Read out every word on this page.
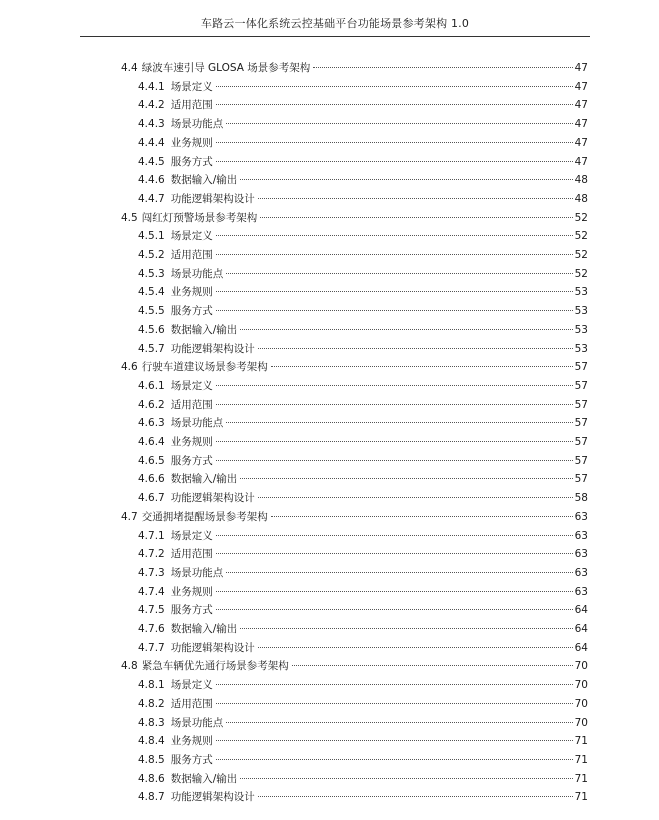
车路云一体化系统云控基础平台功能场景参考架构 1.0
4.4 绿波车速引导 GLOSA 场景参考架构	47
4.4.1 场景定义	47
4.4.2 适用范围	47
4.4.3 场景功能点	47
4.4.4 业务规则	47
4.4.5 服务方式	47
4.4.6 数据输入/输出	48
4.4.7 功能逻辑架构设计	48
4.5 闯红灯预警场景参考架构	52
4.5.1 场景定义	52
4.5.2 适用范围	52
4.5.3 场景功能点	52
4.5.4 业务规则	53
4.5.5 服务方式	53
4.5.6 数据输入/输出	53
4.5.7 功能逻辑架构设计	53
4.6 行驶车道建议场景参考架构	57
4.6.1 场景定义	57
4.6.2 适用范围	57
4.6.3 场景功能点	57
4.6.4 业务规则	57
4.6.5 服务方式	57
4.6.6 数据输入/输出	57
4.6.7 功能逻辑架构设计	58
4.7 交通拥堵提醒场景参考架构	63
4.7.1 场景定义	63
4.7.2 适用范围	63
4.7.3 场景功能点	63
4.7.4 业务规则	63
4.7.5 服务方式	64
4.7.6 数据输入/输出	64
4.7.7 功能逻辑架构设计	64
4.8 紧急车辆优先通行场景参考架构	70
4.8.1 场景定义	70
4.8.2 适用范围	70
4.8.3 场景功能点	70
4.8.4 业务规则	71
4.8.5 服务方式	71
4.8.6 数据输入/输出	71
4.8.7 功能逻辑架构设计	71
